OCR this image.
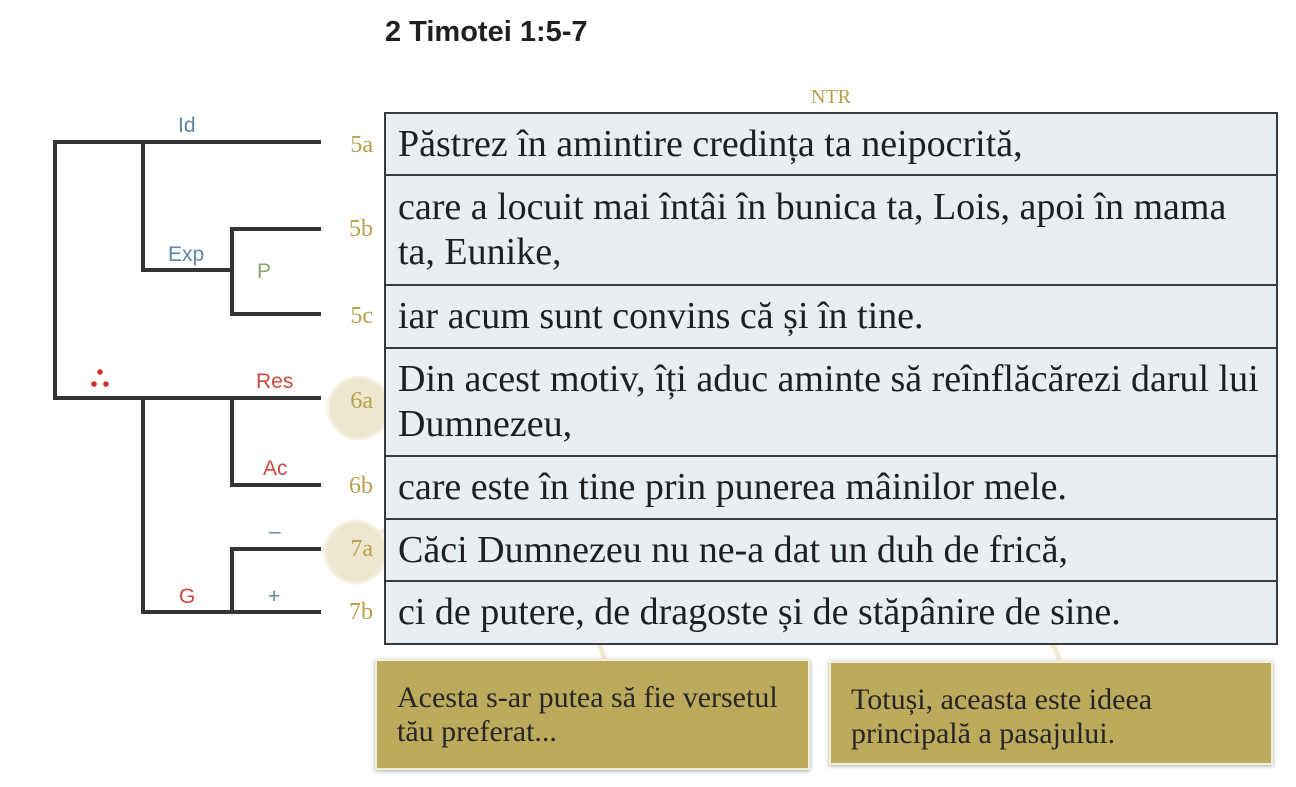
2 Timotei 1:5-7
NTR
Id
Exp
P
Res
Ac
–
+
G
5a
5b
5c
6a
6b
7a
7b
Păstrez în amintire credința ta neipocrită,
care a locuit mai întâi în bunica ta, Lois, apoi în mama ta, Eunike,
iar acum sunt convins că și în tine.
Din acest motiv, îți aduc aminte să reînflăcărezi darul lui Dumnezeu,
care este în tine prin punerea mâinilor mele.
Căci Dumnezeu nu ne-a dat un duh de frică,
ci de putere, de dragoste și de stăpânire de sine.
Acesta s-ar putea să fie versetul tău preferat...
Totuși, aceasta este ideea principală a pasajului.
